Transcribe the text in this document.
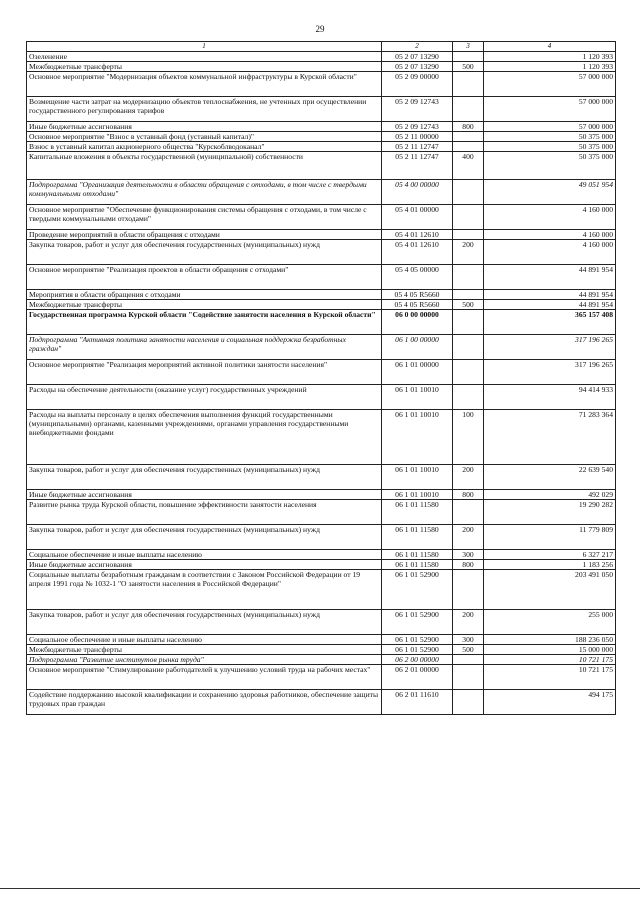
29
1	2	3	4
Озеленение	05 2 07 13290		1 120 393
Межбюджетные трансферты	05 2 07 13290	500	1 120 393
Основное мероприятие "Модернизация объектов коммунальной инфраструктуры в Курской области"	05 2 09 00000		57 000 000
Возмещение части затрат на модернизацию объектов теплоснабжения, не учтенных при осуществлении государственного регулирования тарифов	05 2 09 12743		57 000 000
Иные бюджетные ассигнования	05 2 09 12743	800	57 000 000
Основное мероприятие "Взнос в уставный фонд (уставный капитал)"	05 2 11 00000		50 375 000
Взнос в уставный капитал акционерного общества "Курскоблводоканал"	05 2 11 12747		50 375 000
Капитальные вложения в объекты государственной (муниципальной) собственности	05 2 11 12747	400	50 375 000
Подпрограмма "Организация деятельности в области обращения с отходами, в том числе с твердыми коммунальными отходами"	05 4 00 00000		49 051 954
Основное мероприятие "Обеспечение функционирования системы обращения с отходами, в том числе с твердыми коммунальными отходами"	05 4 01 00000		4 160 000
Проведение мероприятий в области обращения с отходами	05 4 01 12610		4 160 000
Закупка товаров, работ и услуг для обеспечения государственных (муниципальных) нужд	05 4 01 12610	200	4 160 000
Основное мероприятие "Реализация проектов в области обращения с отходами"	05 4 05 00000		44 891 954
Мероприятия в области обращения с отходами	05 4 05 R5660		44 891 954
Межбюджетные трансферты	05 4 05 R5660	500	44 891 954
Государственная программа Курской области "Содействие занятости населения в Курской области"	06 0 00 00000		365 157 408
Подпрограмма "Активная политика занятости населения и социальная поддержка безработных граждан"	06 1 00 00000		317 196 265
Основное мероприятие "Реализация мероприятий активной политики занятости населения"	06 1 01 00000		317 196 265
Расходы на обеспечение деятельности (оказание услуг) государственных учреждений	06 1 01 10010		94 414 933
Расходы на выплаты персоналу в целях обеспечения выполнения функций государственными (муниципальными) органами, казенными учреждениями, органами управления государственными внебюджетными фондами	06 1 01 10010	100	71 283 364
Закупка товаров, работ и услуг для обеспечения государственных (муниципальных) нужд	06 1 01 10010	200	22 639 540
Иные бюджетные ассигнования	06 1 01 10010	800	492 029
Развитие рынка труда Курской области, повышение эффективности занятости населения	06 1 01 11580		19 290 282
Закупка товаров, работ и услуг для обеспечения государственных (муниципальных) нужд	06 1 01 11580	200	11 779 809
Социальное обеспечение и иные выплаты населению	06 1 01 11580	300	6 327 217
Иные бюджетные ассигнования	06 1 01 11580	800	1 183 256
Социальные выплаты безработным гражданам в соответствии с Законом Российской Федерации от 19 апреля 1991 года № 1032-1 "О занятости населения в Российской Федерации"	06 1 01 52900		203 491 050
Закупка товаров, работ и услуг для обеспечения государственных (муниципальных) нужд	06 1 01 52900	200	255 000
Социальное обеспечение и иные выплаты населению	06 1 01 52900	300	188 236 050
Межбюджетные трансферты	06 1 01 52900	500	15 000 000
Подпрограмма "Развитие институтов рынка труда"	06 2 00 00000		10 721 175
Основное мероприятие "Стимулирование работодателей к улучшению условий труда на рабочих местах"	06 2 01 00000		10 721 175
Содействие поддержанию высокой квалификации и сохранению здоровья работников, обеспечение защиты трудовых прав граждан	06 2 01 11610		494 175
